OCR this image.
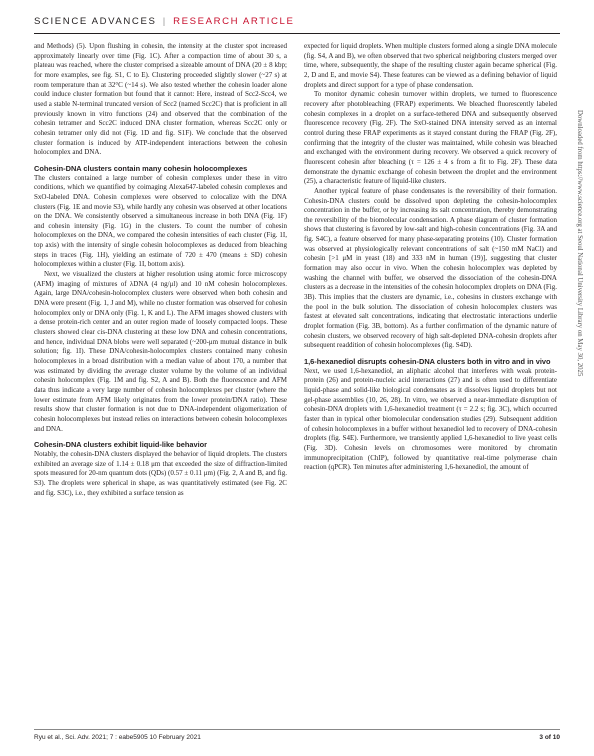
SCIENCE ADVANCES | RESEARCH ARTICLE

and Methods) (5). Upon flushing in cohesin, the intensity at the cluster spot increased approximately linearly over time (Fig. 1C). After a compaction time of about 30 s, a plateau was reached, where the cluster comprised a sizeable amount of DNA (20 ± 8 kbp; for more examples, see fig. S1, C to E). Clustering proceeded slightly slower (~27 s) at room temperature than at 32°C (~14 s). We also tested whether the cohesin loader alone could induce cluster formation but found that it cannot: Here, instead of Scc2-Scc4, we used a stable N-terminal truncated version of Scc2 (named Scc2C) that is proficient in all previously known in vitro functions (24) and observed that the combination of the cohesin tetramer and Scc2C induced DNA cluster formation, whereas Scc2C only or cohesin tetramer only did not (Fig. 1D and fig. S1F). We conclude that the observed cluster formation is induced by ATP-independent interactions between the cohesin holocomplex and DNA.

Cohesin-DNA clusters contain many cohesin holocomplexes

The clusters contained a large number of cohesin complexes under these in vitro conditions, which we quantified by coimaging Alexa647-labeled cohesin complexes and SxO-labeled DNA. Cohesin complexes were observed to colocalize with the DNA clusters (Fig. 1E and movie S3), while hardly any cohesin was observed at other locations on the DNA. We consistently observed a simultaneous increase in both DNA (Fig. 1F) and cohesin intensity (Fig. 1G) in the clusters. To count the number of cohesin holocomplexes on the DNA, we compared the cohesin intensities of each cluster (Fig. 1I, top axis) with the intensity of single cohesin holocomplexes as deduced from bleaching steps in traces (Fig. 1H), yielding an estimate of 720 ± 470 (means ± SD) cohesin holocomplexes within a cluster (Fig. 1I, bottom axis).

Next, we visualized the clusters at higher resolution using atomic force microscopy (AFM) imaging of mixtures of λDNA (4 ng/μl) and 10 nM cohesin holocomplexes. Again, large DNA/cohesin-holocomplex clusters were observed when both cohesin and DNA were present (Fig. 1, J and M), while no cluster formation was observed for cohesin holocomplex only or DNA only (Fig. 1, K and L). The AFM images showed clusters with a dense protein-rich center and an outer region made of loosely compacted loops. These clusters showed clear cis-DNA clustering at these low DNA and cohesin concentrations, and hence, individual DNA blobs were well separated (~200-μm mutual distance in bulk solution; fig. 1I). These DNA/cohesin-holocomplex clusters contained many cohesin holocomplexes in a broad distribution with a median value of about 170, a number that was estimated by dividing the average cluster volume by the volume of an individual cohesin holocomplex (Fig. 1M and fig. S2, A and B). Both the fluorescence and AFM data thus indicate a very large number of cohesin holocomplexes per cluster (where the lower estimate from AFM likely originates from the lower protein/DNA ratio). These results show that cluster formation is not due to DNA-independent oligomerization of cohesin holocomplexes but instead relies on interactions between cohesin holocomplexes and DNA.

Cohesin-DNA clusters exhibit liquid-like behavior

Notably, the cohesin-DNA clusters displayed the behavior of liquid droplets. The clusters exhibited an average size of 1.14 ± 0.18 μm that exceeded the size of diffraction-limited spots measured for 20-nm quantum dots (QDs) (0.57 ± 0.11 μm) (Fig. 2, A and B, and fig. S3). The droplets were spherical in shape, as was quantitatively estimated (see Fig. 2C and fig. S3C), i.e., they exhibited a surface tension as

expected for liquid droplets. When multiple clusters formed along a single DNA molecule (fig. S4, A and B), we often observed that two spherical neighboring clusters merged over time, where, subsequently, the shape of the resulting cluster again became spherical (Fig. 2, D and E, and movie S4). These features can be viewed as a defining behavior of liquid droplets and direct support for a type of phase condensation.

To monitor dynamic cohesin turnover within droplets, we turned to fluorescence recovery after photobleaching (FRAP) experiments. We bleached fluorescently labeled cohesin complexes in a droplet on a surface-tethered DNA and subsequently observed fluorescence recovery (Fig. 2F). The SxO-stained DNA intensity served as an internal control during these FRAP experiments as it stayed constant during the FRAP (Fig. 2F), confirming that the integrity of the cluster was maintained, while cohesin was bleached and exchanged with the environment during recovery. We observed a quick recovery of fluorescent cohesin after bleaching (τ = 126 ± 4 s from a fit to Fig. 2F). These data demonstrate the dynamic exchange of cohesin between the droplet and the environment (25), a characteristic feature of liquid-like clusters.

Another typical feature of phase condensates is the reversibility of their formation. Cohesin-DNA clusters could be dissolved upon depleting the cohesin-holocomplex concentration in the buffer, or by increasing its salt concentration, thereby demonstrating the reversibility of the biomolecular condensation. A phase diagram of cluster formation shows that clustering is favored by low-salt and high-cohesin concentrations (Fig. 3A and fig. S4C), a feature observed for many phase-separating proteins (10). Cluster formation was observed at physiologically relevant concentrations of salt (~150 mM NaCl) and cohesin [>1 μM in yeast (18) and 333 nM in human (19)], suggesting that cluster formation may also occur in vivo. When the cohesin holocomplex was depleted by washing the channel with buffer, we observed the dissociation of the cohesin-DNA clusters as a decrease in the intensities of the cohesin holocomplex droplets on DNA (Fig. 3B). This implies that the clusters are dynamic, i.e., cohesins in clusters exchange with the pool in the bulk solution. The dissociation of cohesin holocomplex clusters was fastest at elevated salt concentrations, indicating that electrostatic interactions underlie droplet formation (Fig. 3B, bottom). As a further confirmation of the dynamic nature of cohesin clusters, we observed recovery of high salt-depleted DNA-cohesin droplets after subsequent readdition of cohesin holocomplexes (fig. S4D).

1,6-hexanediol disrupts cohesin-DNA clusters both in vitro and in vivo

Next, we used 1,6-hexanediol, an aliphatic alcohol that interferes with weak protein-protein (26) and protein-nucleic acid interactions (27) and is often used to differentiate liquid-phase and solid-like biological condensates as it dissolves liquid droplets but not gel-phase assemblies (10, 26, 28). In vitro, we observed a near-immediate disruption of cohesin-DNA droplets with 1,6-hexanediol treatment (τ = 2.2 s; fig. 3C), which occurred faster than in typical other biomolecular condensation studies (29). Subsequent addition of cohesin holocomplexes in a buffer without hexanediol led to recovery of DNA-cohesin droplets (fig. S4E). Furthermore, we transiently applied 1,6-hexanediol to live yeast cells (Fig. 3D). Cohesin levels on chromosomes were monitored by chromatin immunoprecipitation (ChIP), followed by quantitative real-time polymerase chain reaction (qPCR). Ten minutes after administering 1,6-hexanediol, the amount of

Downloaded from https://www.science.org at Seoul National University Library on May 30, 2025
Ryu et al., Sci. Adv. 2021; 7 : eabe5905 10 February 2021	3 of 10
